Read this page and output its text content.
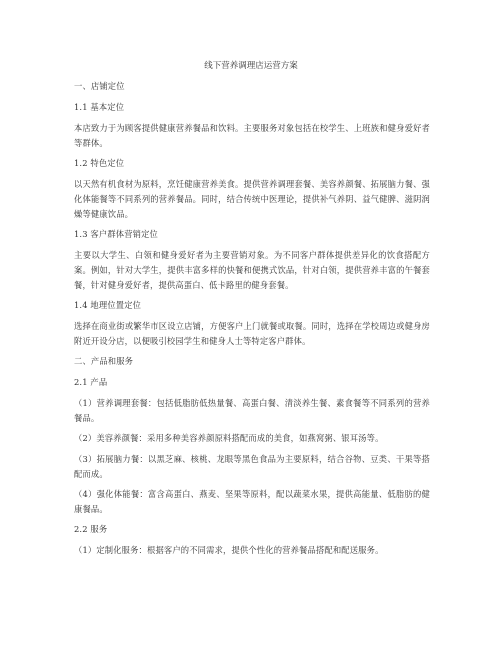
线下营养调理店运营方案
一、店铺定位
1.1 基本定位
本店致力于为顾客提供健康营养餐品和饮料。主要服务对象包括在校学生、上班族和健身爱好者等群体。
1.2 特色定位
以天然有机食材为原料，烹饪健康营养美食。提供营养调理套餐、美容养颜餐、拓展脑力餐、强化体能餐等不同系列的营养餐品。同时，结合传统中医理论，提供补气养阴、益气健脾、滋阴润燥等健康饮品。
1.3 客户群体营销定位
主要以大学生、白领和健身爱好者为主要营销对象。为不同客户群体提供差异化的饮食搭配方案。例如，针对大学生，提供丰富多样的快餐和便携式饮品，针对白领，提供营养丰富的午餐套餐，针对健身爱好者，提供高蛋白、低卡路里的健身套餐。
1.4 地理位置定位
选择在商业街或繁华市区设立店铺，方便客户上门就餐或取餐。同时，选择在学校周边或健身房附近开设分店，以便吸引校园学生和健身人士等特定客户群体。
二、产品和服务
2.1 产品
（1）营养调理套餐：包括低脂肪低热量餐、高蛋白餐、清淡养生餐、素食餐等不同系列的营养餐品。
（2）美容养颜餐：采用多种美容养颜原料搭配而成的美食，如燕窝粥、银耳汤等。
（3）拓展脑力餐：以黑芝麻、核桃、龙眼等黑色食品为主要原料，结合谷物、豆类、干果等搭配而成。
（4）强化体能餐：富含高蛋白、燕麦、坚果等原料，配以蔬菜水果，提供高能量、低脂肪的健康餐品。
2.2 服务
（1）定制化服务：根据客户的不同需求，提供个性化的营养餐品搭配和配送服务。
